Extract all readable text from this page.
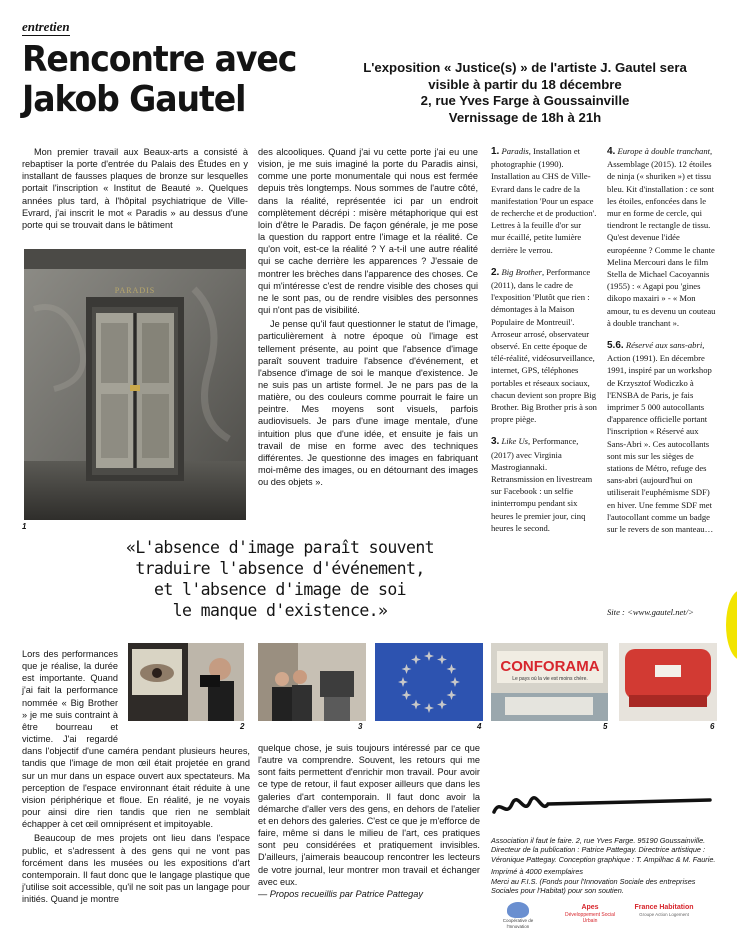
entretien
Rencontre avec
Jakob Gautel
L'exposition « Justice(s) » de l'artiste J. Gautel sera
visible à partir du 18 décembre
2, rue Yves Farge à Goussainville
Vernissage de 18h à 21h

Mon premier travail aux Beaux-arts a consisté à rebaptiser la porte d'entrée du Palais des Études en y installant de fausses plaques de bronze sur lesquelles portait l'inscription « Institut de Beauté ». Quelques années plus tard, à l'hôpital psychiatrique de Ville-Evrard, j'ai inscrit le mot « Paradis » au dessus d'une porte qui se trouvait dans le bâtiment

PARADIS
1

des alcooliques. Quand j'ai vu cette porte j'ai eu une vision, je me suis imaginé la porte du Paradis ainsi, comme une porte monumentale qui nous est fermée depuis très longtemps. Nous sommes de l'autre côté, dans la réalité, représentée ici par un endroit complètement décrépi : misère métaphorique qui est loin d'être le Paradis. De façon générale, je me pose la question du rapport entre l'image et la réalité. Ce qu'on voit, est-ce la réalité ? Y a-t-il une autre réalité qui se cache derrière les apparences ? J'essaie de montrer les brèches dans l'apparence des choses. Ce qui m'intéresse c'est de rendre visible des choses qui ne le sont pas, ou de rendre visibles des personnes qui n'ont pas de visibilité.

Je pense qu'il faut questionner le statut de l'image, particulièrement à notre époque où l'image est tellement présente, au point que l'absence d'image paraît souvent traduire l'absence d'événement, et l'absence d'image de soi le manque d'existence. Je ne suis pas un artiste formel. Je ne pars pas de la matière, ou des couleurs comme pourrait le faire un peintre. Mes moyens sont visuels, parfois audiovisuels. Je pars d'une image mentale, d'une intuition plus que d'une idée, et ensuite je fais un travail de mise en forme avec des techniques différentes. Je questionne des images en fabriquant moi-même des images, ou en détournant des images ou des objets ».

1. Paradis, Installation et photographie (1990). Installation au CHS de Ville-Evrard dans le cadre de la manifestation 'Pour un espace de recherche et de production'. Lettres à la feuille d'or sur mur écaillé, petite lumière derrière le verrou.

2. Big Brother, Performance (2011), dans le cadre de l'exposition 'Plutôt que rien : démontages à la Maison Populaire de Montreuil'. Arroseur arrosé, observateur observé. En cette époque de télé-réalité, vidéosurveillance, internet, GPS, téléphones portables et réseaux sociaux, chacun devient son propre Big Brother. Big Brother pris à son propre piège.

3. Like Us, Performance, (2017) avec Virginia Mastrogiannaki. Retransmission en livestream sur Facebook : un selfie ininterrompu pendant six heures le premier jour, cinq heures le second.

4. Europe à double tranchant, Assemblage (2015). 12 étoiles de ninja (« shuriken ») et tissu bleu. Kit d'installation : ce sont les étoiles, enfoncées dans le mur en forme de cercle, qui tiendront le rectangle de tissu. Qu'est devenue l'idée européenne ? Comme le chante Melina Mercouri dans le film Stella de Michael Cacoyannis (1955) : « Agapi pou 'gines dikopo maxairi » - « Mon amour, tu es devenu un couteau à double tranchant ».

5.6. Réservé aux sans-abri, Action (1991). En décembre 1991, inspiré par un workshop de Krzysztof Wodiczko à l'ENSBA de Paris, je fais imprimer 5 000 autocollants d'apparence officielle portant l'inscription « Réservé aux Sans-Abri ». Ces autocollants sont mis sur les sièges de stations de Métro, refuge des sans-abri (aujourd'hui on utiliserait l'euphémisme SDF) en hiver. Une femme SDF met l'autocollant comme un badge sur le revers de son manteau…

Site : <www.gautel.net/>
«L'absence d'image paraît souvent
traduire l'absence d'événement,
et l'absence d'image de soi
le manque d'existence.»
2	3	4
CONFORAMA
Le pays où la vie est moins chère.
5	6

Lors des performances que je réalise, la durée est importante. Quand j'ai fait la performance nommée « Big Brother » je me suis contraint à être bourreau et victime. J'ai regardé dans l'objectif d'une caméra pendant plusieurs heures, tandis que l'image de mon œil était projetée en grand sur un mur dans un espace ouvert aux spectateurs. Ma perception de l'espace environnant était réduite à une vision périphérique et floue. En réalité, je ne voyais pour ainsi dire rien tandis que rien ne semblait échapper à cet œil omniprésent et impitoyable.

Beaucoup de mes projets ont lieu dans l'espace public, et s'adressent à des gens qui ne vont pas forcément dans les musées ou les expositions d'art contemporain. Il faut donc que le langage plastique que j'utilise soit accessible, qu'il ne soit pas un langage pour initiés. Quand je montre

quelque chose, je suis toujours intéressé par ce que l'autre va comprendre. Souvent, les retours qui me sont faits permettent d'enrichir mon travail. Pour avoir ce type de retour, il faut exposer ailleurs que dans les galeries d'art contemporain. Il faut donc avoir la démarche d'aller vers des gens, en dehors de l'atelier et en dehors des galeries. C'est ce que je m'efforce de faire, même si dans le milieu de l'art, ces pratiques sont peu considérées et pratiquement invisibles. D'ailleurs, j'aimerais beaucoup rencontrer les lecteurs de votre journal, leur montrer mon travail et échanger avec eux.

— Propos recueillis par Patrice Pattegay

Association il faut le faire. 2, rue Yves Farge. 95190 Goussainville.

Directeur de la publication : Patrice Pattegay. Directrice artistique :

Véronique Pattegay. Conception graphique : T. Ampilhac & M. Faurie.

Imprimé à 4000 exemplaires

Merci au F.I.S. (Fonds pour l'Innovation Sociale des entreprises Sociales pour l'Habitat) pour son soutien.

Coopérative de l'Innovation
Apes
Développement Social Urbain
France Habitation
Groupe Action Logement
